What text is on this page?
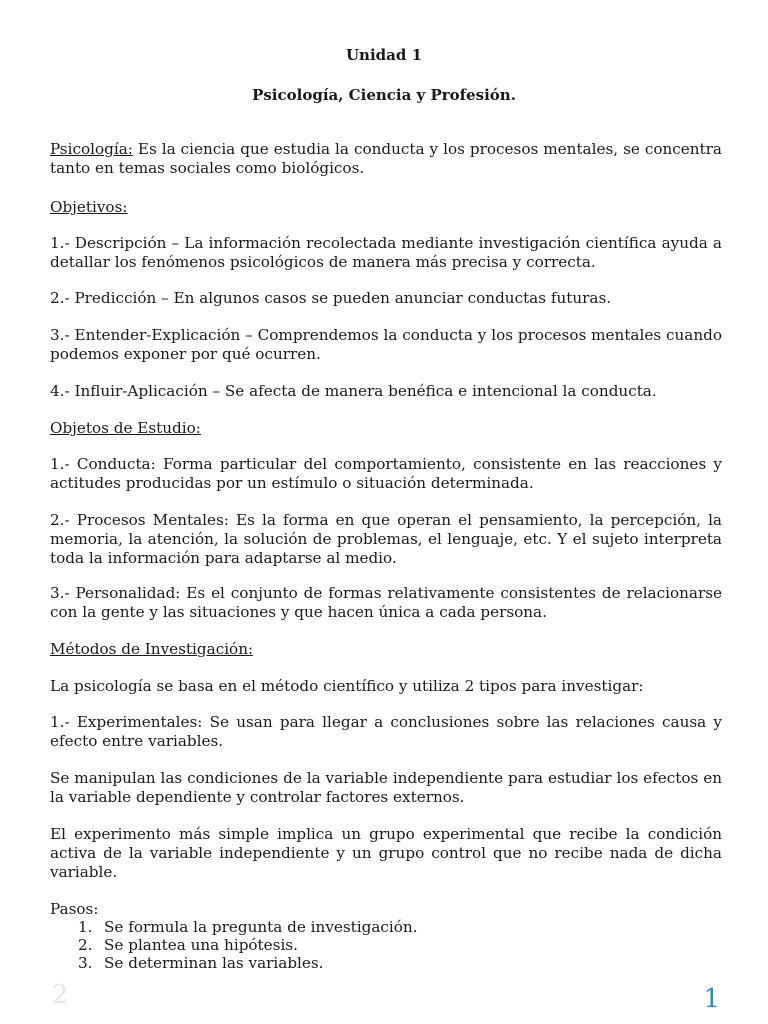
2
Unidad 1
Psicología, Ciencia y Profesión.
Psicología: Es la ciencia que estudia la conducta y los procesos mentales, se concentra tanto en temas sociales como biológicos.
Objetivos:
1.- Descripción – La información recolectada mediante investigación científica ayuda a detallar los fenómenos psicológicos de manera más precisa y correcta.
2.- Predicción – En algunos casos se pueden anunciar conductas futuras.
3.- Entender-Explicación – Comprendemos la conducta y los procesos mentales cuando podemos exponer por qué ocurren.
4.- Influir-Aplicación – Se afecta de manera benéfica e intencional la conducta.
Objetos de Estudio:
1.- Conducta: Forma particular del comportamiento, consistente en las reacciones y actitudes producidas por un estímulo o situación determinada.
2.- Procesos Mentales: Es la forma en que operan el pensamiento, la percepción, la memoria, la atención, la solución de problemas, el lenguaje, etc. Y el sujeto interpreta toda la información para adaptarse al medio.
3.- Personalidad: Es el conjunto de formas relativamente consistentes de relacionarse con la gente y las situaciones y que hacen única a cada persona.
Métodos de Investigación:
La psicología se basa en el método científico y utiliza 2 tipos para investigar:
1.- Experimentales: Se usan para llegar a conclusiones sobre las relaciones causa y efecto entre variables.
Se manipulan las condiciones de la variable independiente para estudiar los efectos en la variable dependiente y controlar factores externos.
El experimento más simple implica un grupo experimental que recibe la condición activa de la variable independiente y un grupo control que no recibe nada de dicha variable.
Pasos:
1. Se formula la pregunta de investigación.
2. Se plantea una hipótesis.
3. Se determinan las variables.
1
